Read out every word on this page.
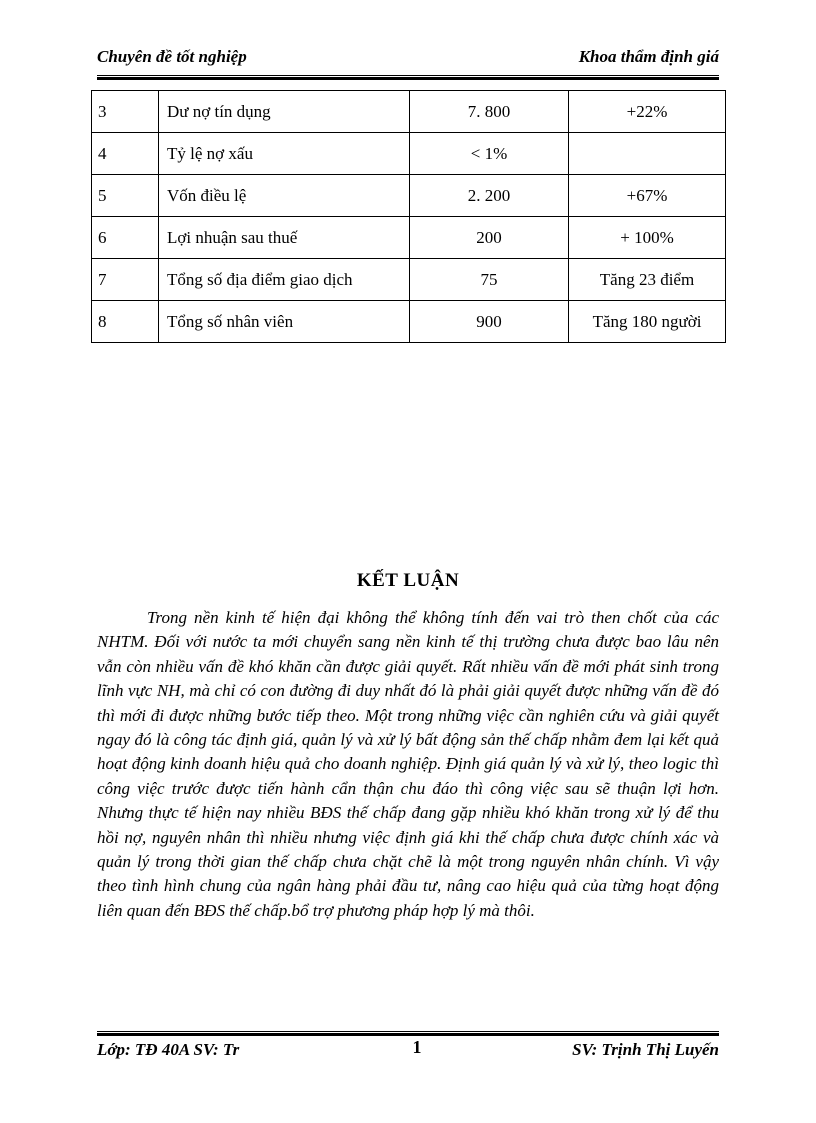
Chuyên đề tốt nghiệp	Khoa thẩm định giá
3	Dư nợ tín dụng	7. 800	+22%
4	Tỷ lệ nợ xấu	< 1%	
5	Vốn điều lệ	2. 200	+67%
6	Lợi nhuận sau thuế	200	+ 100%
7	Tổng số địa điểm giao dịch	75	Tăng 23 điểm
8	Tổng số nhân viên	900	Tăng 180 người
KẾT LUẬN
Trong nền kinh tế hiện đại không thể không tính đến vai trò then chốt của các NHTM. Đối với nước ta mới chuyển sang nền kinh tế thị trường chưa được bao lâu nên vẫn còn nhiều vấn đề khó khăn cần được giải quyết. Rất nhiều vấn đề mới phát sinh trong lĩnh vực NH, mà chỉ có con đường đi duy nhất đó là phải giải quyết được những vấn đề đó thì mới đi được những bước tiếp theo. Một trong những việc cần nghiên cứu và giải quyết ngay đó là công tác định giá, quản lý và xử lý bất động sản thế chấp nhằm đem lại kết quả hoạt động kinh doanh hiệu quả cho doanh nghiệp. Định giá quản lý và xử lý, theo logic thì công việc trước được tiến hành cẩn thận chu đáo thì công việc sau sẽ thuận lợi hơn. Nhưng thực tế hiện nay nhiều BĐS thế chấp đang gặp nhiều khó khăn trong xử lý để thu hồi nợ, nguyên nhân thì nhiều nhưng việc định giá khi thế chấp chưa được chính xác và quản lý trong thời gian thế chấp chưa chặt chẽ là một trong nguyên nhân chính. Vì vậy theo tình hình chung của ngân hàng phải đầu tư, nâng cao hiệu quả của từng hoạt động liên quan đến BĐS thế chấp.bổ trợ phương pháp hợp lý mà thôi.
Lớp: TĐ 40A SV: Tr	1	SV: Trịnh Thị Luyến
